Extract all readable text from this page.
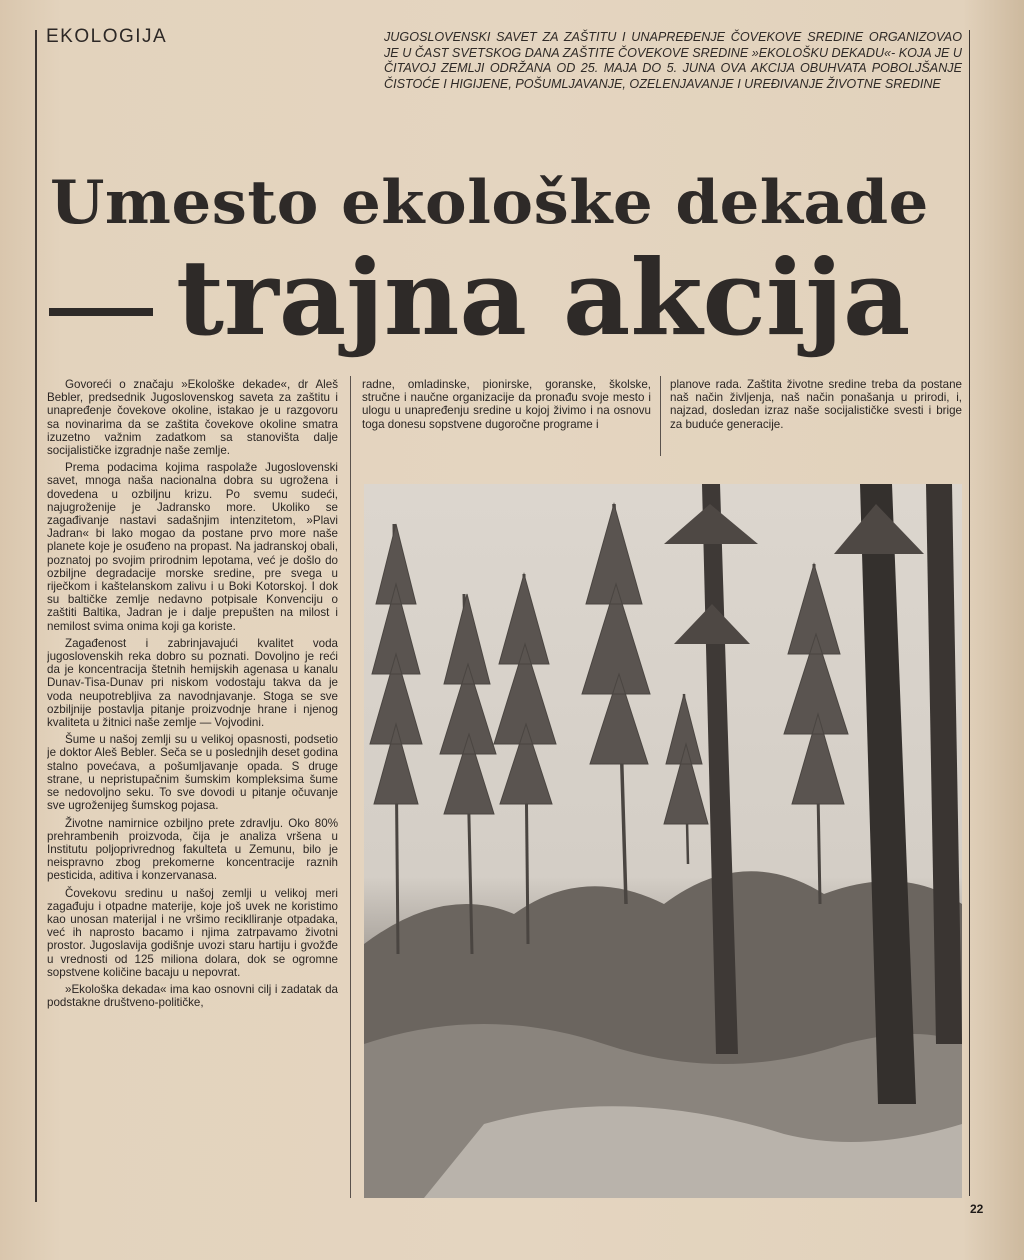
EKOLOGIJA	JUGOSLOVENSKI SAVET ZA ZAŠTITU I UNAPREĐENJE ČOVEKOVE SREDINE ORGANIZOVAO JE U ČAST SVETSKOG DANA ZAŠTITE ČOVEKOVE SREDINE »EKOLOŠKU DEKADU«- KOJA JE U ČITAVOJ ZEMLJI ODRŽANA OD 25. MAJA DO 5. JUNA OVA AKCIJA OBUHVATA POBOLJŠANJE ČISTOĆE I HIGIJENE, POŠUMLJAVANJE, OZELENJAVANJE I UREĐIVANJE ŽIVOTNE SREDINE
Umesto ekološke dekade
trajna akcija

Govoreći o značaju »Ekološke dekade«, dr Aleš Bebler, predsednik Jugoslovenskog saveta za zaštitu i unapređenje čovekove okoline, istakao je u razgovoru sa novinarima da se zaštita čovekove okoline smatra izuzetno važnim zadatkom sa stanovišta dalje socijalističke izgradnje naše zemlje.

Prema podacima kojima raspolaže Jugoslovenski savet, mnoga naša nacionalna dobra su ugrožena i dovedena u ozbiljnu krizu. Po svemu sudeći, najugroženije je Jadransko more. Ukoliko se zagađivanje nastavi sadašnjim intenzitetom, »Plavi Jadran« bi lako mogao da postane prvo more naše planete koje je osuđeno na propast. Na jadranskoj obali, poznatoj po svojim prirodnim lepotama, već je došlo do ozbiljne degradacije morske sredine, pre svega u riječkom i kaštelanskom zalivu i u Boki Kotorskoj. I dok su baltičke zemlje nedavno potpisale Konvenciju o zaštiti Baltika, Jadran je i dalje prepušten na milost i nemilost svima onima koji ga koriste.

Zagađenost i zabrinjavajući kvalitet voda jugoslovenskih reka dobro su poznati. Dovoljno je reći da je koncentracija štetnih hemijskih agenasa u kanalu Dunav-Tisa-Dunav pri niskom vodostaju takva da je voda neupotrebljiva za navodnjavanje. Stoga se sve ozbiljnije postavlja pitanje proizvodnje hrane i njenog kvaliteta u žitnici naše zemlje — Vojvodini.

Šume u našoj zemlji su u velikoj opasnosti, podsetio je doktor Aleš Bebler. Seča se u poslednjih deset godina stalno povećava, a pošumljavanje opada. S druge strane, u nepristupačnim šumskim kompleksima šume se nedovoljno seku. To sve dovodi u pitanje očuvanje sve ugroženijeg šumskog pojasa.

Životne namirnice ozbiljno prete zdravlju. Oko 80% prehrambenih proizvoda, čija je analiza vršena u Institutu poljoprivrednog fakulteta u Zemunu, bilo je neispravno zbog prekomerne koncentracije raznih pesticida, aditiva i konzervanasa.

Čovekovu sredinu u našoj zemlji u velikoj meri zagađuju i otpadne materije, koje još uvek ne koristimo kao unosan materijal i ne vršimo reciklliranje otpadaka, već ih naprosto bacamo i njima zatrpavamo životni prostor. Jugoslavija godišnje uvozi staru hartiju i gvožđe u vrednosti od 125 miliona dolara, dok se ogromne sopstvene količine bacaju u nepovrat.

»Ekološka dekada« ima kao osnovni cilj i zadatak da podstakne društveno-političke,

radne, omladinske, pionirske, goranske, školske, stručne i naučne organizacije da pronađu svoje mesto i ulogu u unapređenju sredine u kojoj živimo i na osnovu toga donesu sopstvene dugoročne programe i

planove rada. Zaštita životne sredine treba da postane naš način življenja, naš način ponašanja u prirodi, i, najzad, dosledan izraz naše socijalističke svesti i brige za buduće generacije.

22
